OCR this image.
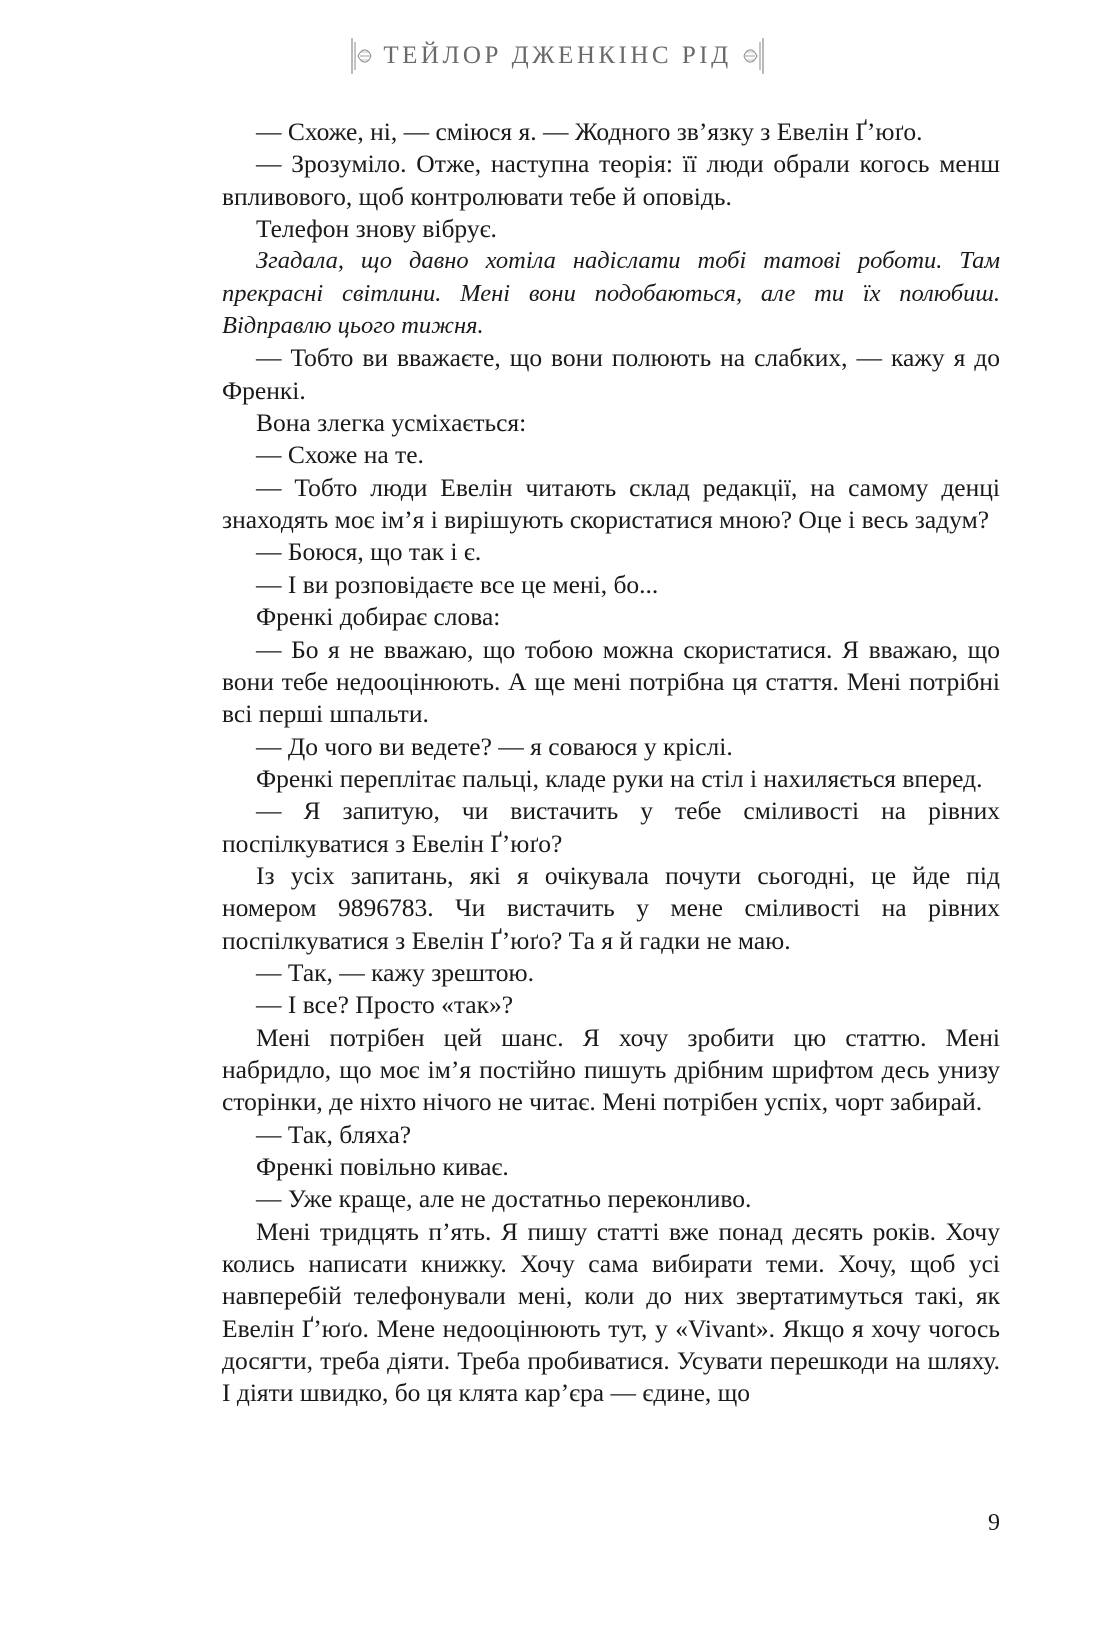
ТЕЙЛОР ДЖЕНКІНС РІД

— Схоже, ні, — сміюся я. — Жодного зв’язку з Евелін Ґ’юґо.

— Зрозуміло. Отже, наступна теорія: її люди обрали когось менш впливового, щоб контролювати тебе й оповідь.

Телефон знову вібрує.

Згадала, що давно хотіла надіслати тобі татові роботи. Там прекрасні світлини. Мені вони подобаються, але ти їх полюбиш. Відправлю цього тижня.

— Тобто ви вважаєте, що вони полюють на слабких, — кажу я до Френкі.

Вона злегка усміхається:

— Схоже на те.

— Тобто люди Евелін читають склад редакції, на самому денці знаходять моє ім’я і вирішують скористатися мною? Оце і весь задум?

— Боюся, що так і є.

— І ви розповідаєте все це мені, бо...

Френкі добирає слова:

— Бо я не вважаю, що тобою можна скористатися. Я вважаю, що вони тебе недооцінюють. А ще мені потрібна ця стаття. Мені потрібні всі перші шпальти.

— До чого ви ведете? — я соваюся у кріслі.

Френкі переплітає пальці, кладе руки на стіл і нахиляється вперед.

— Я запитую, чи вистачить у тебе сміливості на рівних поспілкуватися з Евелін Ґ’юґо?

Із усіх запитань, які я очікувала почути сьогодні, це йде під номером 9896783. Чи вистачить у мене сміливості на рівних поспілкуватися з Евелін Ґ’юґо? Та я й гадки не маю.

— Так, — кажу зрештою.

— І все? Просто «так»?

Мені потрібен цей шанс. Я хочу зробити цю статтю. Мені набридло, що моє ім’я постійно пишуть дрібним шрифтом десь унизу сторінки, де ніхто нічого не читає. Мені потрібен успіх, чорт забирай.

— Так, бляха?

Френкі повільно киває.

— Уже краще, але не достатньо переконливо.

Мені тридцять п’ять. Я пишу статті вже понад десять років. Хочу колись написати книжку. Хочу сама вибирати теми. Хочу, щоб усі навперебій телефонували мені, коли до них звертатимуться такі, як Евелін Ґ’юґо. Мене недооцінюють тут, у «Vivant». Якщо я хочу чогось досягти, треба діяти. Треба пробиватися. Усувати перешкоди на шляху. І діяти швидко, бо ця клята кар’єра — єдине, що

9
